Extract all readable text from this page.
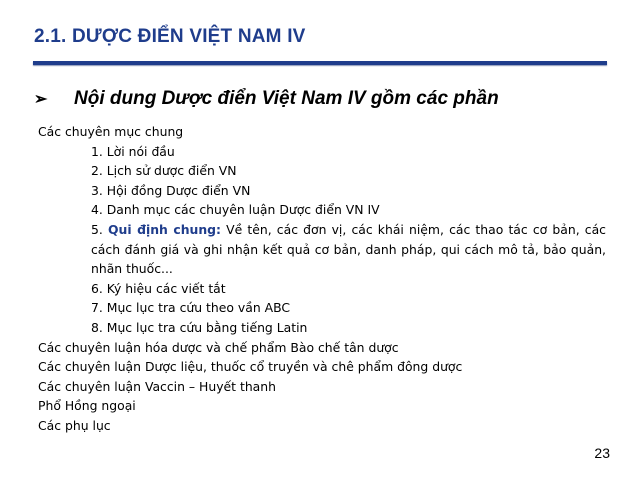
2.1. DƯỢC ĐIỂN VIỆT NAM IV
➢ Nội dung Dược điển Việt Nam IV gồm các phần
Các chuyên mục chung
1. Lời nói đầu
2. Lịch sử dược điển VN
3. Hội đồng Dược điển VN
4. Danh mục các chuyên luận Dược điển VN IV
5. Qui định chung: Về tên, các đơn vị, các khái niệm, các thao tác cơ bản, các cách đánh giá và ghi nhận kết quả cơ bản, danh pháp, qui cách mô tả, bảo quản, nhãn thuốc...
6. Ký hiệu các viết tắt
7. Mục lục tra cứu theo vần ABC
8. Mục lục tra cứu bằng tiếng Latin
Các chuyên luận hóa dược và chế phẩm Bào chế tân dược
Các chuyên luận Dược liệu, thuốc cổ truyền và chê phẩm đông dược
Các chuyên luận Vaccin – Huyết thanh
Phổ Hồng ngoại
Các phụ lục
23
